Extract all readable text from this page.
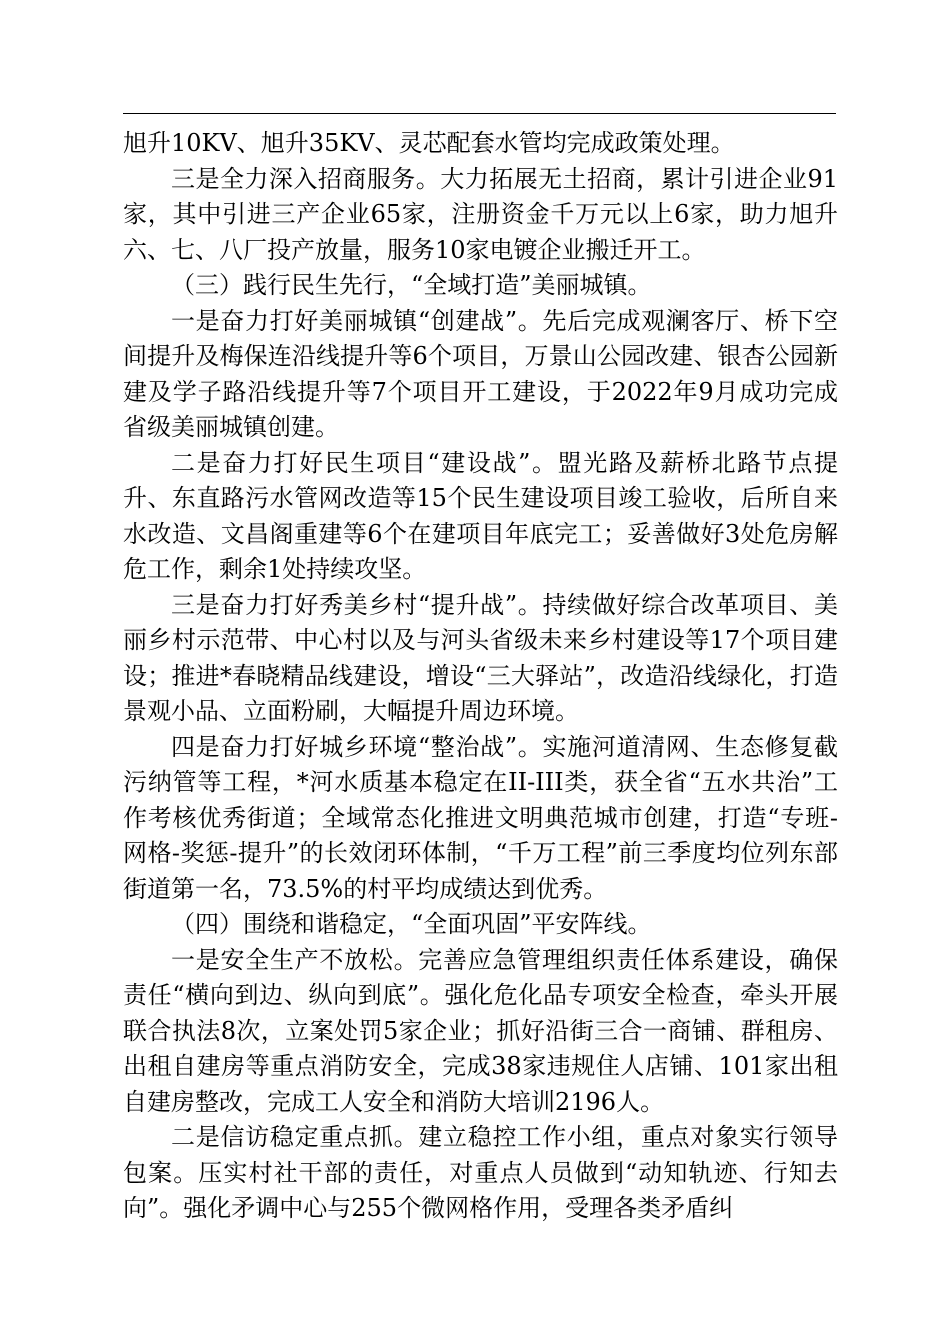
旭升10KV、旭升35KV、灵芯配套水管均完成政策处理。

三是全力深入招商服务。大力拓展无土招商，累计引进企业91家，其中引进三产企业65家，注册资金千万元以上6家，助力旭升六、七、八厂投产放量，服务10家电镀企业搬迁开工。

（三）践行民生先行，“全域打造”美丽城镇。

一是奋力打好美丽城镇“创建战”。先后完成观澜客厅、桥下空间提升及梅保连沿线提升等6个项目，万景山公园改建、银杏公园新建及学子路沿线提升等7个项目开工建设，于2022年9月成功完成省级美丽城镇创建。

二是奋力打好民生项目“建设战”。盟光路及薪桥北路节点提升、东直路污水管网改造等15个民生建设项目竣工验收，后所自来水改造、文昌阁重建等6个在建项目年底完工；妥善做好3处危房解危工作，剩余1处持续攻坚。

三是奋力打好秀美乡村“提升战”。持续做好综合改革项目、美丽乡村示范带、中心村以及与河头省级未来乡村建设等17个项目建设；推进*春晓精品线建设，增设“三大驿站”，改造沿线绿化，打造景观小品、立面粉刷，大幅提升周边环境。

四是奋力打好城乡环境“整治战”。实施河道清网、生态修复截污纳管等工程，*河水质基本稳定在II-III类，获全省“五水共治”工作考核优秀街道；全域常态化推进文明典范城市创建，打造“专班-网格-奖惩-提升”的长效闭环体制，“千万工程”前三季度均位列东部街道第一名，73.5%的村平均成绩达到优秀。

（四）围绕和谐稳定，“全面巩固”平安阵线。

一是安全生产不放松。完善应急管理组织责任体系建设，确保责任“横向到边、纵向到底”。强化危化品专项安全检查，牵头开展联合执法8次，立案处罚5家企业；抓好沿街三合一商铺、群租房、出租自建房等重点消防安全，完成38家违规住人店铺、101家出租自建房整改，完成工人安全和消防大培训2196人。

二是信访稳定重点抓。建立稳控工作小组，重点对象实行领导包案。压实村社干部的责任，对重点人员做到“动知轨迹、行知去向”。强化矛调中心与255个微网格作用，受理各类矛盾纠
